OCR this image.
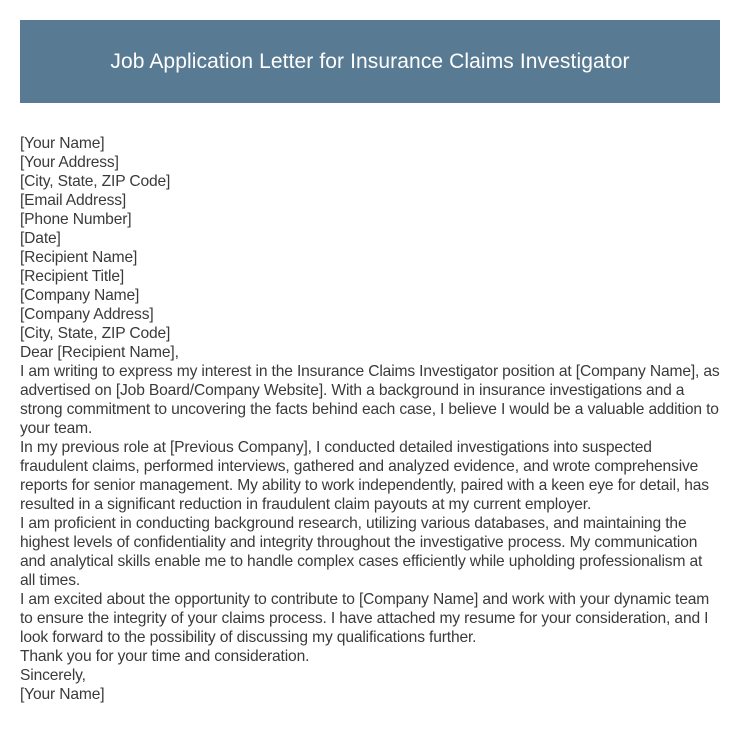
Job Application Letter for Insurance Claims Investigator
[Your Name]
[Your Address]
[City, State, ZIP Code]
[Email Address]
[Phone Number]
[Date]
[Recipient Name]
[Recipient Title]
[Company Name]
[Company Address]
[City, State, ZIP Code]
Dear [Recipient Name],
I am writing to express my interest in the Insurance Claims Investigator position at [Company Name], as advertised on [Job Board/Company Website]. With a background in insurance investigations and a strong commitment to uncovering the facts behind each case, I believe I would be a valuable addition to your team.
In my previous role at [Previous Company], I conducted detailed investigations into suspected fraudulent claims, performed interviews, gathered and analyzed evidence, and wrote comprehensive reports for senior management. My ability to work independently, paired with a keen eye for detail, has resulted in a significant reduction in fraudulent claim payouts at my current employer.
I am proficient in conducting background research, utilizing various databases, and maintaining the highest levels of confidentiality and integrity throughout the investigative process. My communication and analytical skills enable me to handle complex cases efficiently while upholding professionalism at all times.
I am excited about the opportunity to contribute to [Company Name] and work with your dynamic team to ensure the integrity of your claims process. I have attached my resume for your consideration, and I look forward to the possibility of discussing my qualifications further.
Thank you for your time and consideration.
Sincerely,
[Your Name]
